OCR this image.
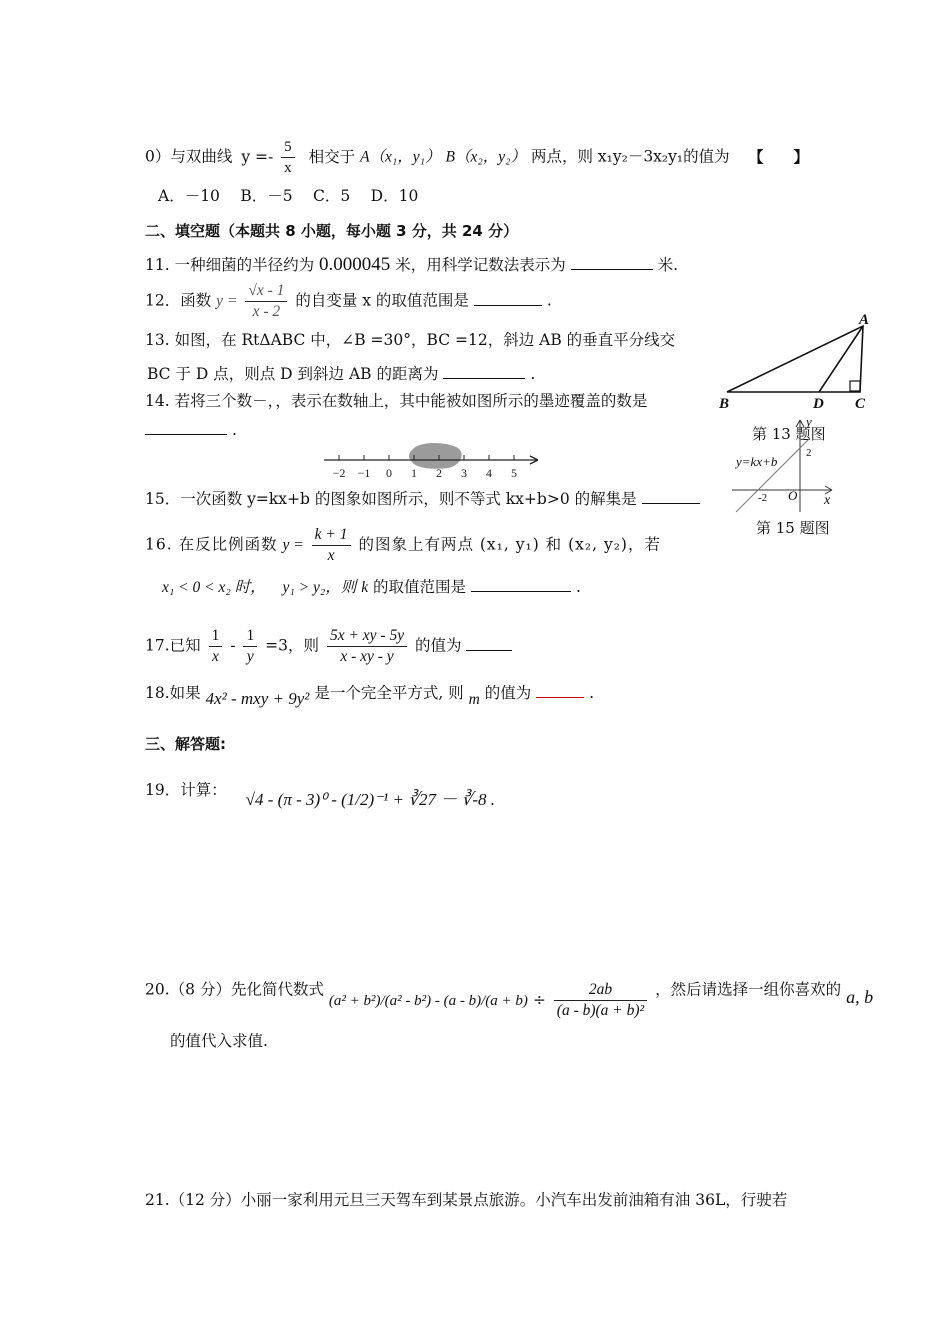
0）与双曲线 $y =- \frac{5}{x}$ 相交于 A（x₁，y₁） B（x₂，y₂） 两点，则 x₁y₂－3x₂y₁的值为 【　　】
A．－10　 B．－5　 C．5　 D．10
二、填空题（本题共 8 小题，每小题 3 分，共 24 分）
11. 一种细菌的半径约为 0.000045 米，用科学记数法表示为	米.
12．函数 $y = \frac{√x - 1}{x - 2}$ 的自变量 x 的取值范围是	.
13. 如图，在 RtΔABC 中，∠B =30°，BC =12，斜边 AB 的垂直平分线交
BC 于 D 点，则点 D 到斜边 AB 的距离为	.
14. 若将三个数－，，表示在数轴上，其中能被如图所示的墨迹覆盖的数是
.
−2 −1 0 1 2 3 4 5
15．一次函数 y=kx+b 的图象如图所示，则不等式 kx+b>0 的解集是
16. 在反比例函数 $y = \frac{k + 1}{x}$ 的图象上有两点 (x₁, y₁) 和 (x₂, y₂)，若
x₁ < 0 < x₂ 时， y₁ > y₂，则 k 的取值范围是	.
17.已知 $\frac{1}{x} - \frac{1}{y} =3$，则 $\frac{5x + xy - 5y}{x - xy - y}$ 的值为
18.如果 4x² - mxy + 9y² 是一个完全平方式, 则 m 的值为	.
三、解答题:
19．计算： √4 - (π - 3)⁰ - (1/2)⁻¹ + ∛27 － ∛-8 .
20.（8 分）先化简代数式 $(a^2 + b^2)/(a^2 - b^2) - (a - b)/(a + b) \div \frac{2ab}{\text{(a - b)(a + b)²}}$ ，然后请选择一组你喜欢的 a, b
的值代入求值.
21.（12 分）小丽一家利用元旦三天驾车到某景点旅游。小汽车出发前油箱有油 36L，行驶若
A
B	D C
第 13 题图
y=kx+b
y
x
O
2
-2
第 15 题图
